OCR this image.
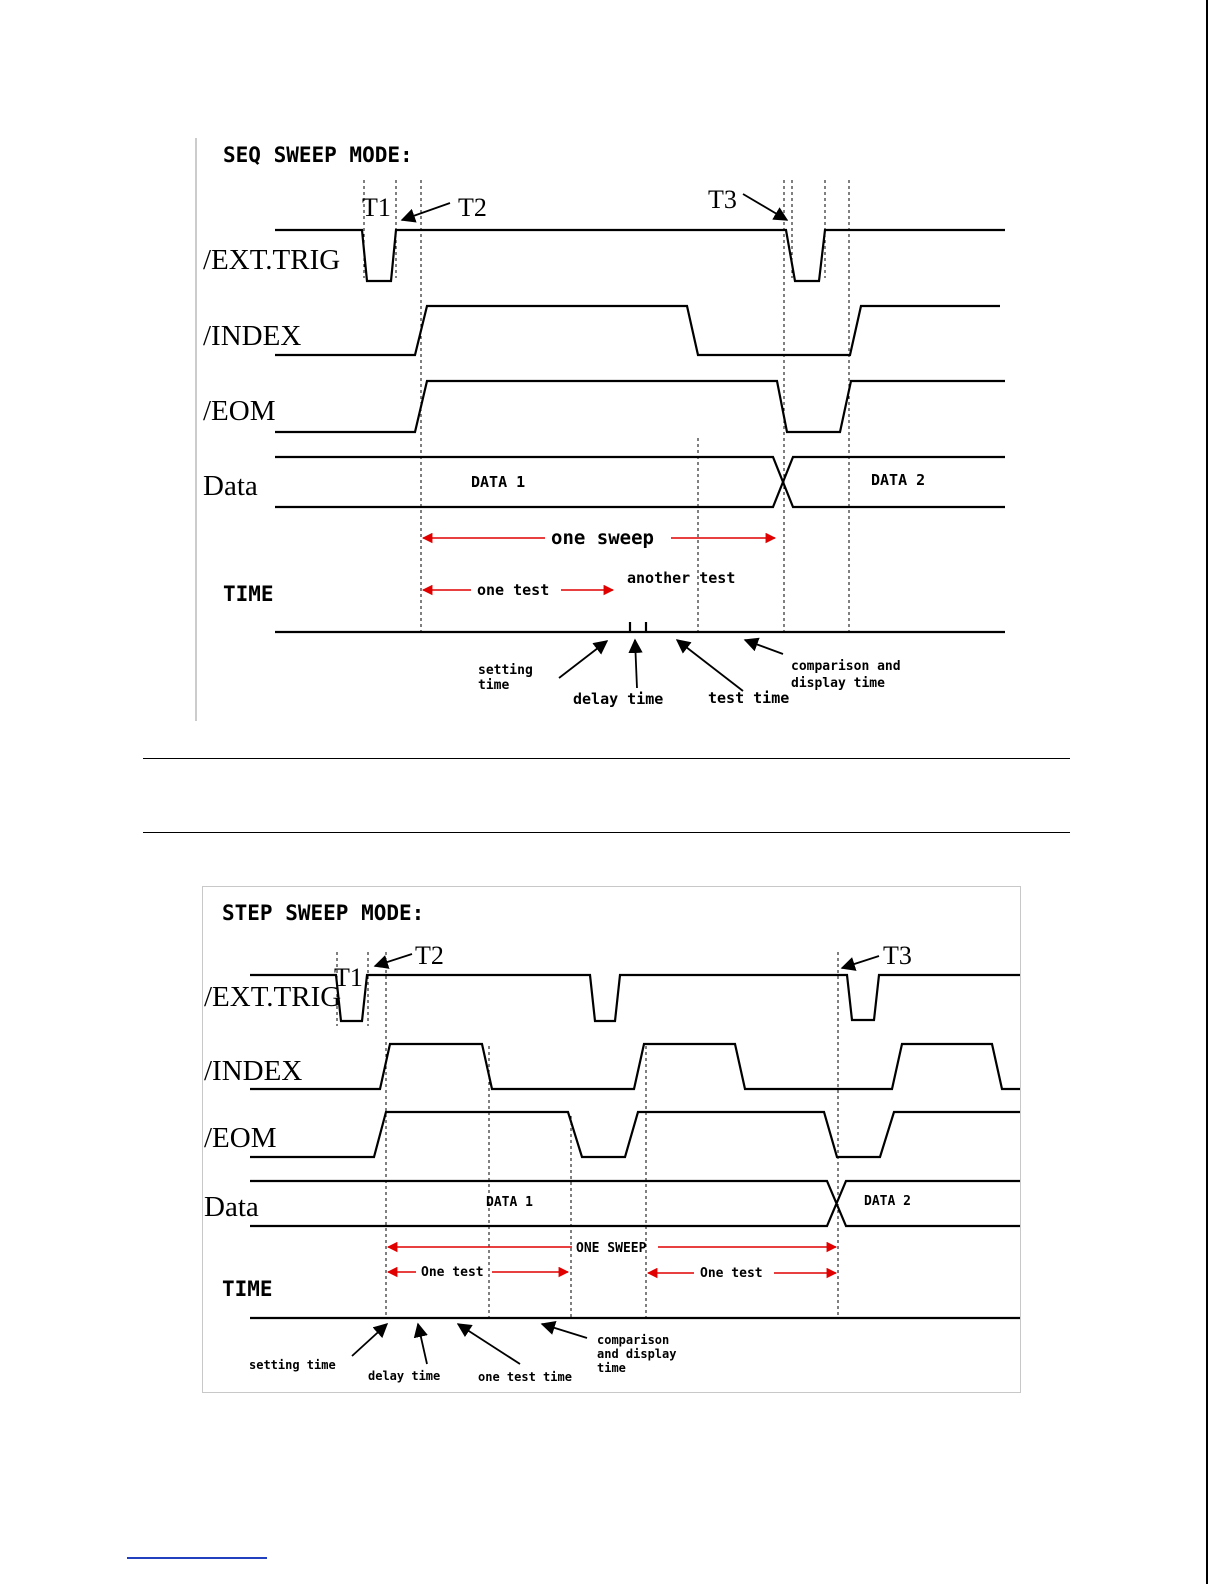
SEQ SWEEP MODE:
/EXT.TRIG
/INDEX
/EOM
Data
TIME
T1	T2	T3
DATA 1	DATA 2
one sweep
one test
another test
setting
time
delay time	test time
comparison and
display time
STEP SWEEP MODE:
/EXT.TRIG
/INDEX
/EOM
Data
TIME
T1
T2	T3
DATA 1	DATA 2
ONE SWEEP
One test	One test
setting time
delay time	one test time
comparison
and display
time
